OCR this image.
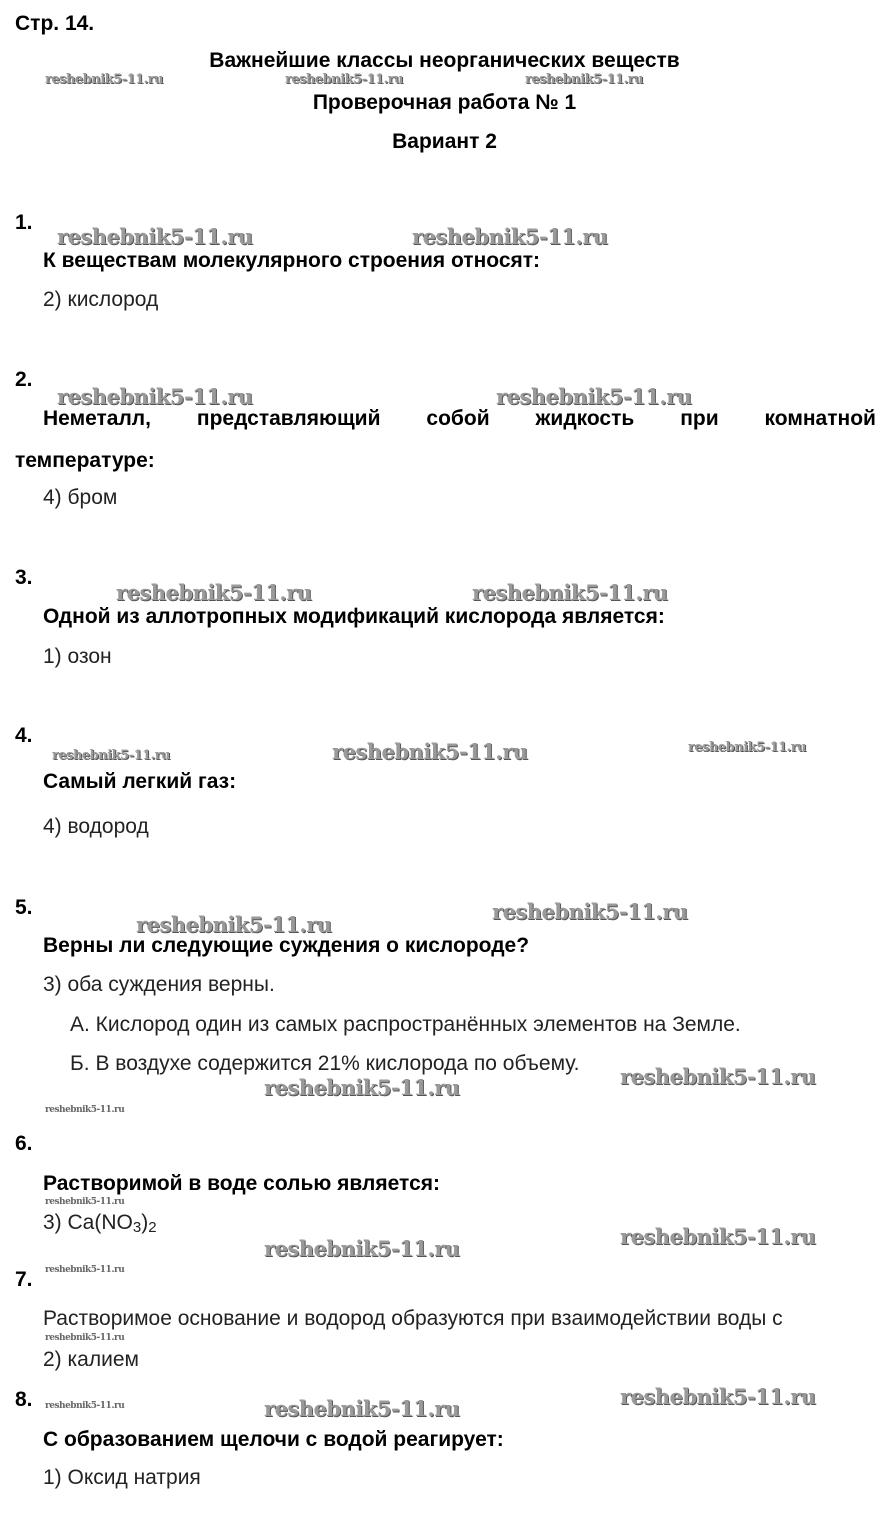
Стр. 14.
Важнейшие классы неорганических веществ
Проверочная работа № 1
Вариант 2
1.
К веществам молекулярного строения относят:
2) кислород
2.
Неметалл, представляющий собой жидкость при комнатной
температуре:
4) бром
3.
Одной из аллотропных модификаций кислорода является:
1) озон
4.
Самый легкий газ:
4) водород
5.
Верны ли следующие суждения о кислороде?
3) оба суждения верны.
А. Кислород один из самых распространённых элементов на Земле.
Б. В воздухе содержится 21% кислорода по объему.
6.
Растворимой в воде солью является:
3) $Ca(NO_3)_2$
7.
Растворимое основание и водород образуются при взаимодействии воды с
2) калием
8.
С образованием щелочи с водой реагирует:
1) Оксид натрия
reshebnik5-11.ru	reshebnik5-11.ru	reshebnik5-11.ru
reshebnik5-11.ru	reshebnik5-11.ru
reshebnik5-11.ru	reshebnik5-11.ru
reshebnik5-11.ru	reshebnik5-11.ru
reshebnik5-11.ru	reshebnik5-11.ru	reshebnik5-11.ru
reshebnik5-11.ru
reshebnik5-11.ru
reshebnik5-11.ru
reshebnik5-11.ru
reshebnik5-11.ru
reshebnik5-11.ru
reshebnik5-11.ru
reshebnik5-11.ru
reshebnik5-11.ru
reshebnik5-11.ru
reshebnik5-11.ru
reshebnik5-11.ru	reshebnik5-11.ru
